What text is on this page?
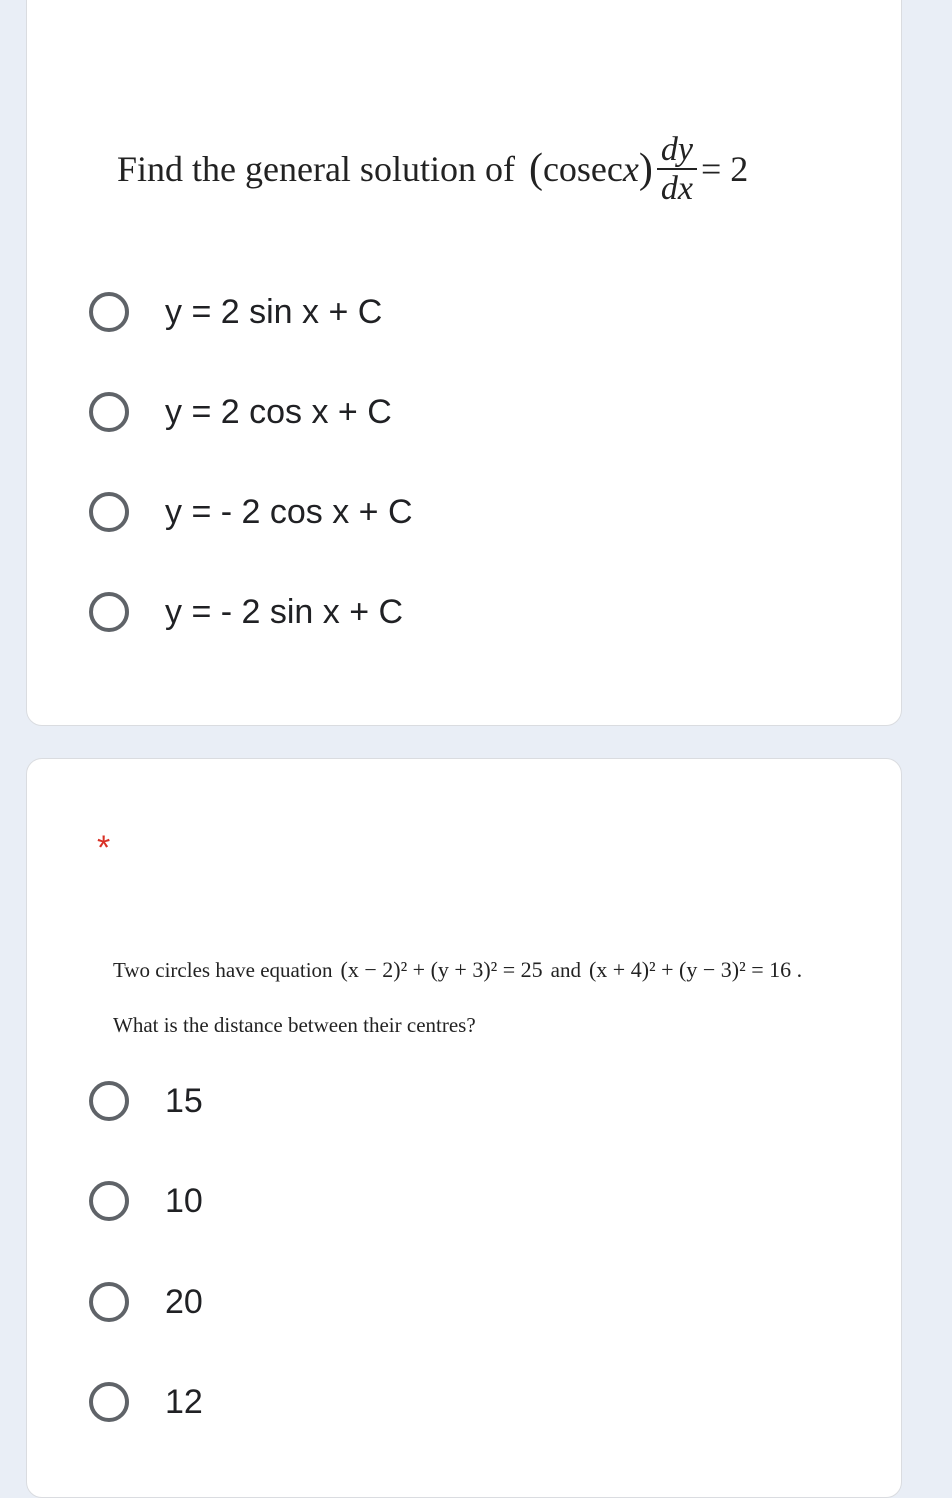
Find the general solution of ( cosec x ) $\frac{dy}{dx} = 2$
y = 2 sin x + C
y = 2 cos x + C
y = - 2 cos x + C
y = - 2 sin x + C
*
Two circles have equation (x − 2)² + (y + 3)² = 25 and (x + 4)² + (y − 3)² = 16 .
What is the distance between their centres?
15
10
20
12
